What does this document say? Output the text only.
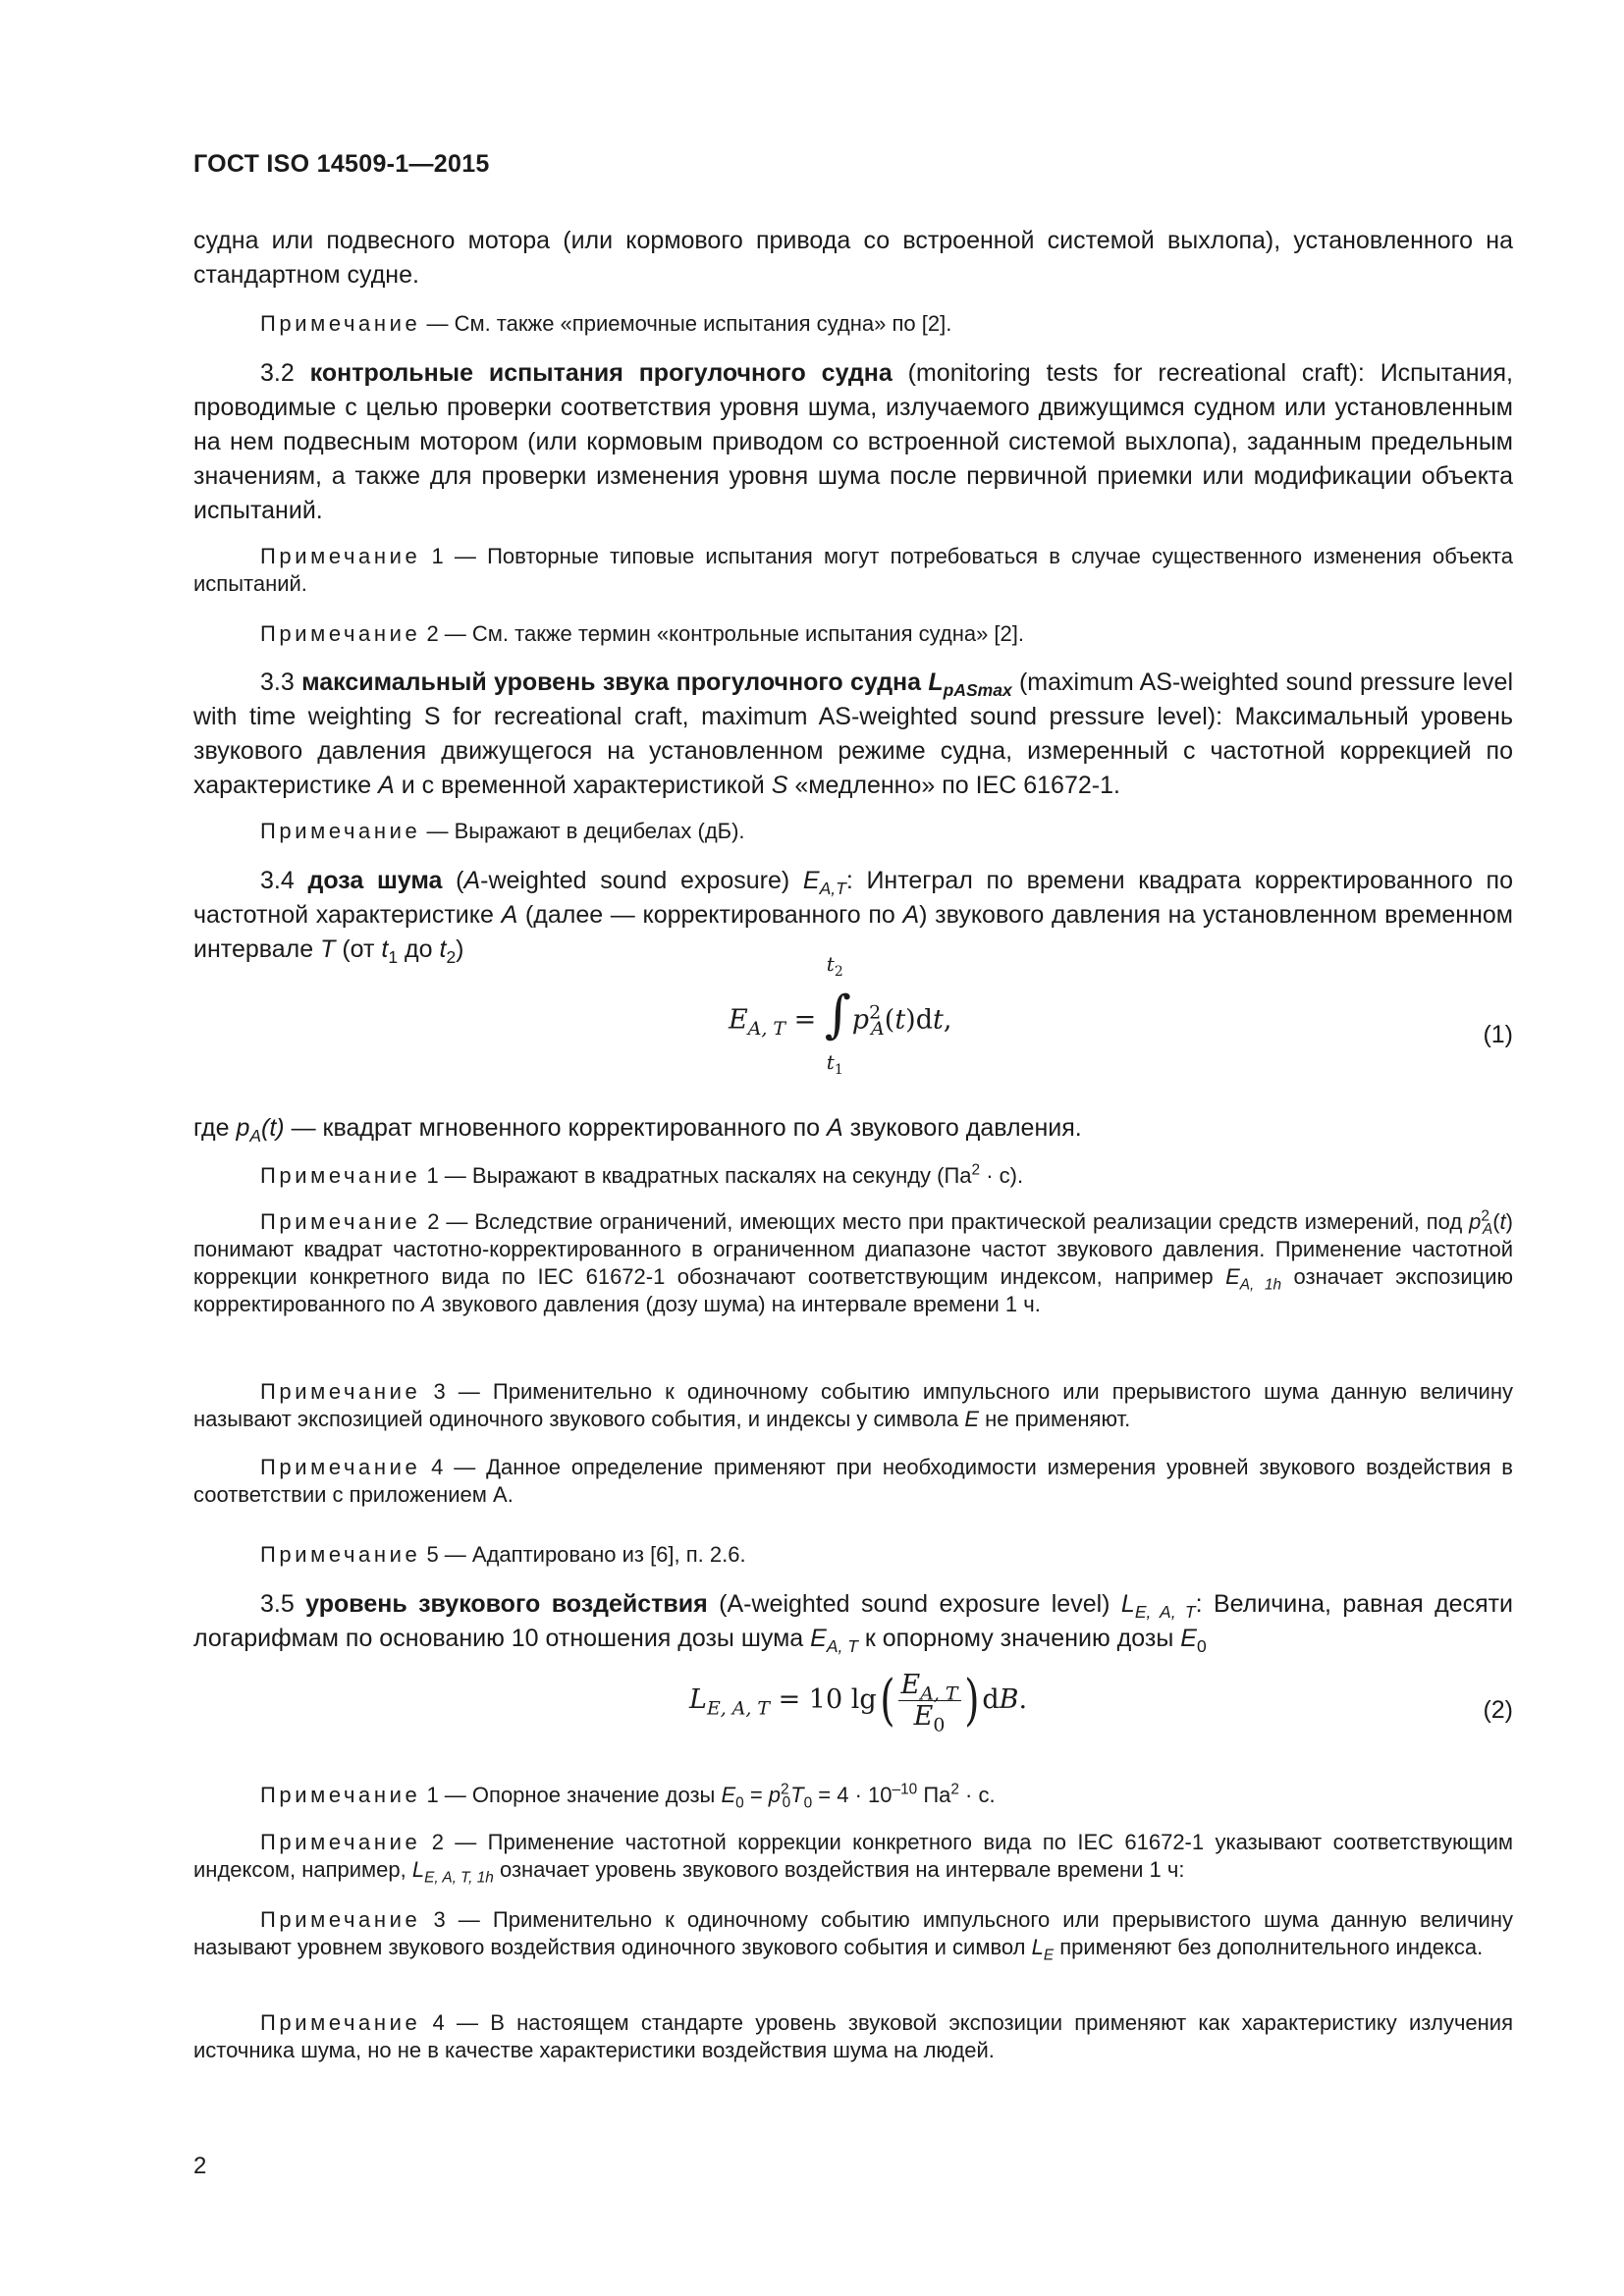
ГОСТ ISO 14509-1—2015

судна или подвесного мотора (или кормового привода со встроенной системой выхлопа), установленного на стандартном судне.

Примечание — См. также «приемочные испытания судна» по [2].

3.2 контрольные испытания прогулочного судна (monitoring tests for recreational craft): Испытания, проводимые с целью проверки соответствия уровня шума, излучаемого движущимся судном или установленным на нем подвесным мотором (или кормовым приводом со встроенной системой выхлопа), заданным предельным значениям, а также для проверки изменения уровня шума после первичной приемки или модификации объекта испытаний.

Примечание 1 — Повторные типовые испытания могут потребоваться в случае существенного изменения объекта испытаний.

Примечание 2 — См. также термин «контрольные испытания судна» [2].

3.3 максимальный уровень звука прогулочного судна $L_{pASmax}$ (maximum AS-weighted sound pressure level with time weighting S for recreational craft, maximum AS-weighted sound pressure level): Максимальный уровень звукового давления движущегося на установленном режиме судна, измеренный с частотной коррекцией по характеристике A и с временной характеристикой S «медленно» по IEC 61672-1.

Примечание — Выражают в децибелах (дБ).

3.4 доза шума (A-weighted sound exposure) $E_{A,T}$: Интеграл по времени квадрата корректированного по частотной характеристике A (далее — корректированного по A) звукового давления на установленном временном интервале T (от $t_1$ до $t_2$)

$E_{A, T}$ =
$t_2$
∫
$t_1$
$p^2_A(t)dt$,	(1)

где $p_A(t)$ — квадрат мгновенного корректированного по A звукового давления.

Примечание 1 — Выражают в квадратных паскалях на секунду $(Па^2 \cdot с)$.

Примечание 2 — Вследствие ограничений, имеющих место при практической реализации средств измерений, под $p^2_A(t)$ понимают квадрат частотно-корректированного в ограниченном диапазоне частот звукового давления. Применение частотной коррекции конкретного вида по IEC 61672-1 обозначают соответствующим индексом, например $E_{A, 1h}$ означает экспозицию корректированного по A звукового давления (дозу шума) на интервале времени 1 ч.

Примечание 3 — Применительно к одиночному событию импульсного или прерывистого шума данную величину называют экспозицией одиночного звукового события, и индексы у символа E не применяют.

Примечание 4 — Данное определение применяют при необходимости измерения уровней звукового воздействия в соответствии с приложением А.

Примечание 5 — Адаптировано из [6], п. 2.6.

3.5 уровень звукового воздействия (A-weighted sound exposure level) $L_{E, A, T}$: Величина, равная десяти логарифмам по основанию 10 отношения дозы шума $E_{A, T}$ к опорному значению дозы $E_0$

$L_{E, A, T} = 10$ $\lg( \frac{E_{A, T}}{E_0}$ ) dB.	(2)

Примечание 1 — Опорное значение дозы $E_0 = p^2_0T_0 = 4 \cdot 10^{-10}$ $Па^2 \cdot с$.

Примечание 2 — Применение частотной коррекции конкретного вида по IEC 61672-1 указывают соответствующим индексом, например, $L_{E, A, T, 1h}$ означает уровень звукового воздействия на интервале времени 1 ч:

Примечание 3 — Применительно к одиночному событию импульсного или прерывистого шума данную величину называют уровнем звукового воздействия одиночного звукового события и символ $L_E$ применяют без дополнительного индекса.

Примечание 4 — В настоящем стандарте уровень звуковой экспозиции применяют как характеристику излучения источника шума, но не в качестве характеристики воздействия шума на людей.

2
